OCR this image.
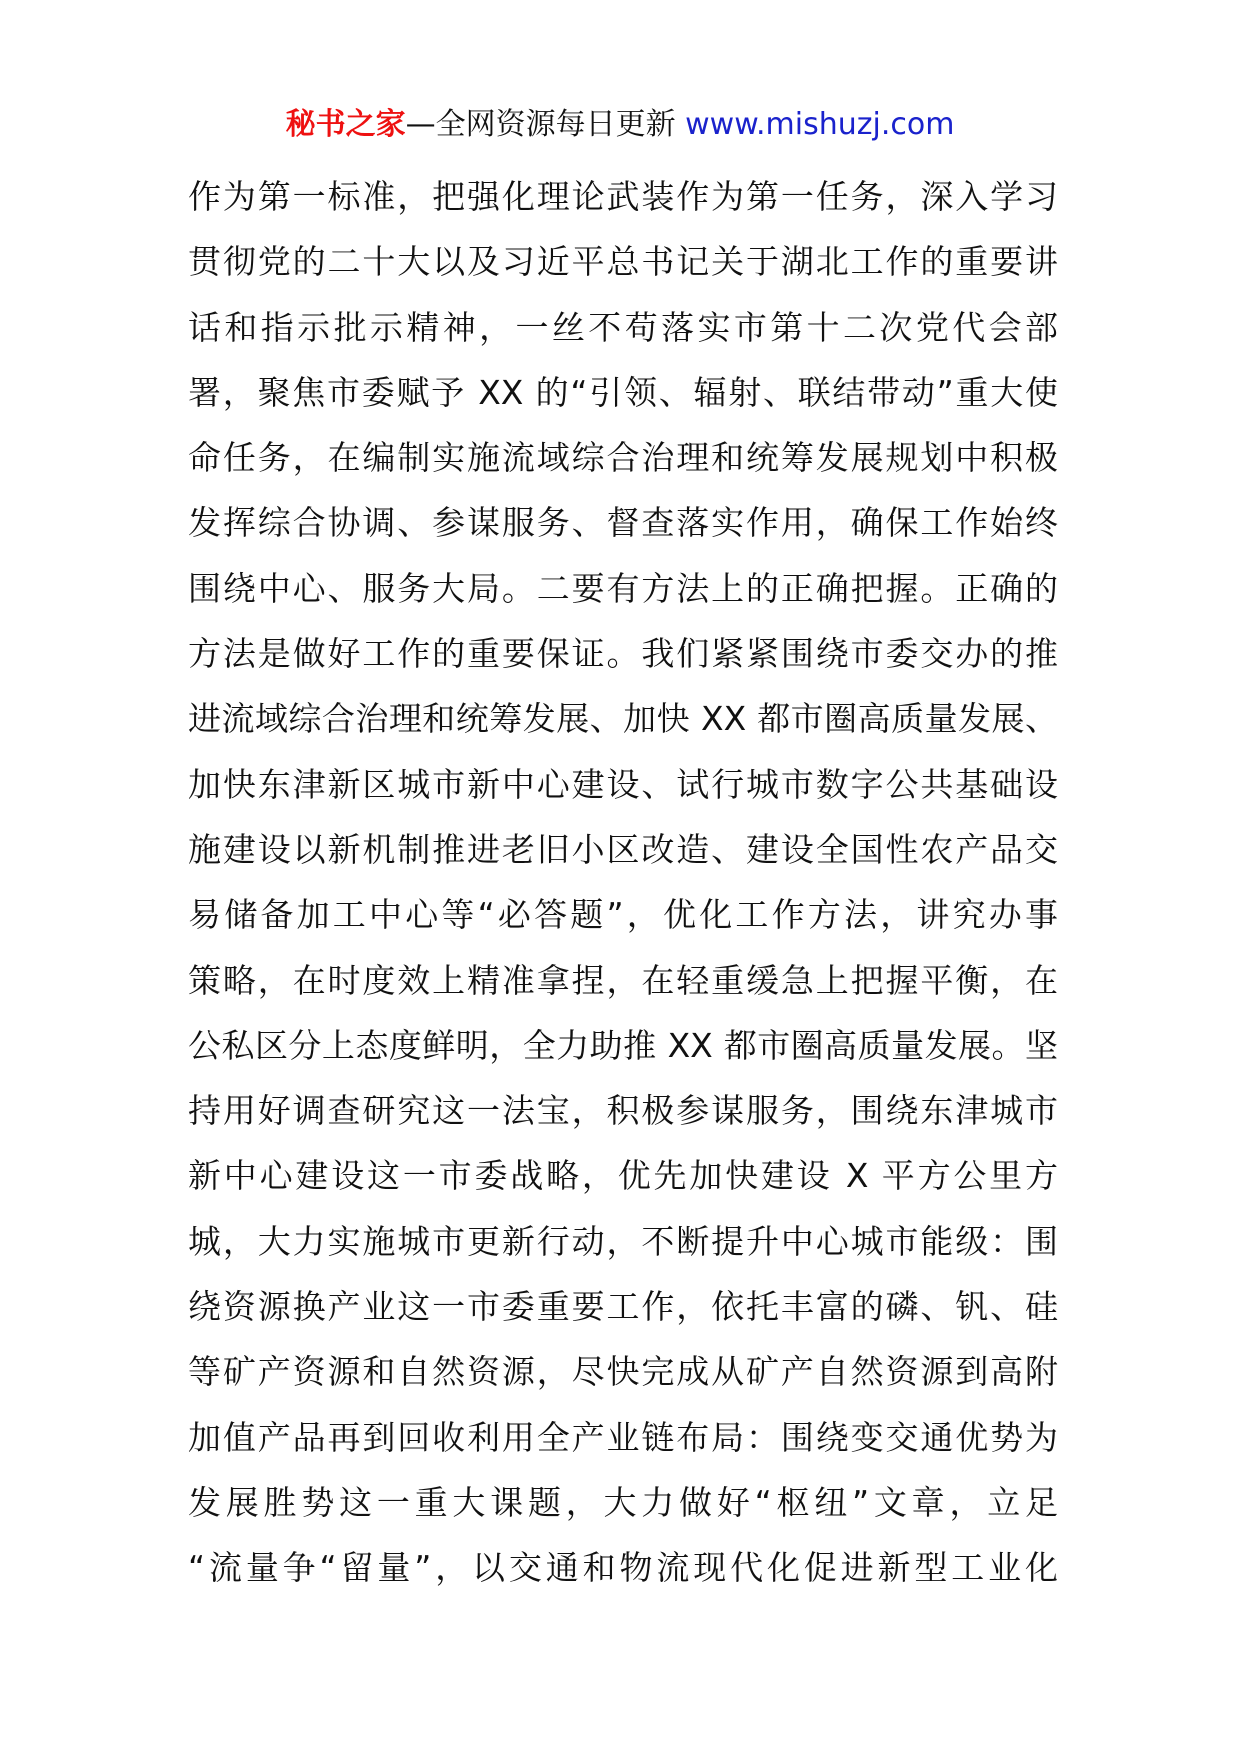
秘书之家—全网资源每日更新 www.mishuzj.com
作为第一标准，把强化理论武装作为第一任务，深入学习
贯彻党的二十大以及习近平总书记关于湖北工作的重要讲
话和指示批示精神，一丝不苟落实市第十二次党代会部
署，聚焦市委赋予 XX 的“引领、辐射、联结带动”重大使
命任务，在编制实施流域综合治理和统筹发展规划中积极
发挥综合协调、参谋服务、督查落实作用，确保工作始终
围绕中心、服务大局。二要有方法上的正确把握。正确的
方法是做好工作的重要保证。我们紧紧围绕市委交办的推
进流域综合治理和统筹发展、加快 XX 都市圈高质量发展、
加快东津新区城市新中心建设、试行城市数字公共基础设
施建设以新机制推进老旧小区改造、建设全国性农产品交
易储备加工中心等“必答题”，优化工作方法，讲究办事
策略，在时度效上精准拿捏，在轻重缓急上把握平衡，在
公私区分上态度鲜明，全力助推 XX 都市圈高质量发展。坚
持用好调查研究这一法宝，积极参谋服务，围绕东津城市
新中心建设这一市委战略，优先加快建设 X 平方公里方
城，大力实施城市更新行动，不断提升中心城市能级：围
绕资源换产业这一市委重要工作，依托丰富的磷、钒、硅
等矿产资源和自然资源，尽快完成从矿产自然资源到高附
加值产品再到回收利用全产业链布局：围绕变交通优势为
发展胜势这一重大课题，大力做好“枢纽”文章，立足
“流量争“留量”，以交通和物流现代化促进新型工业化
